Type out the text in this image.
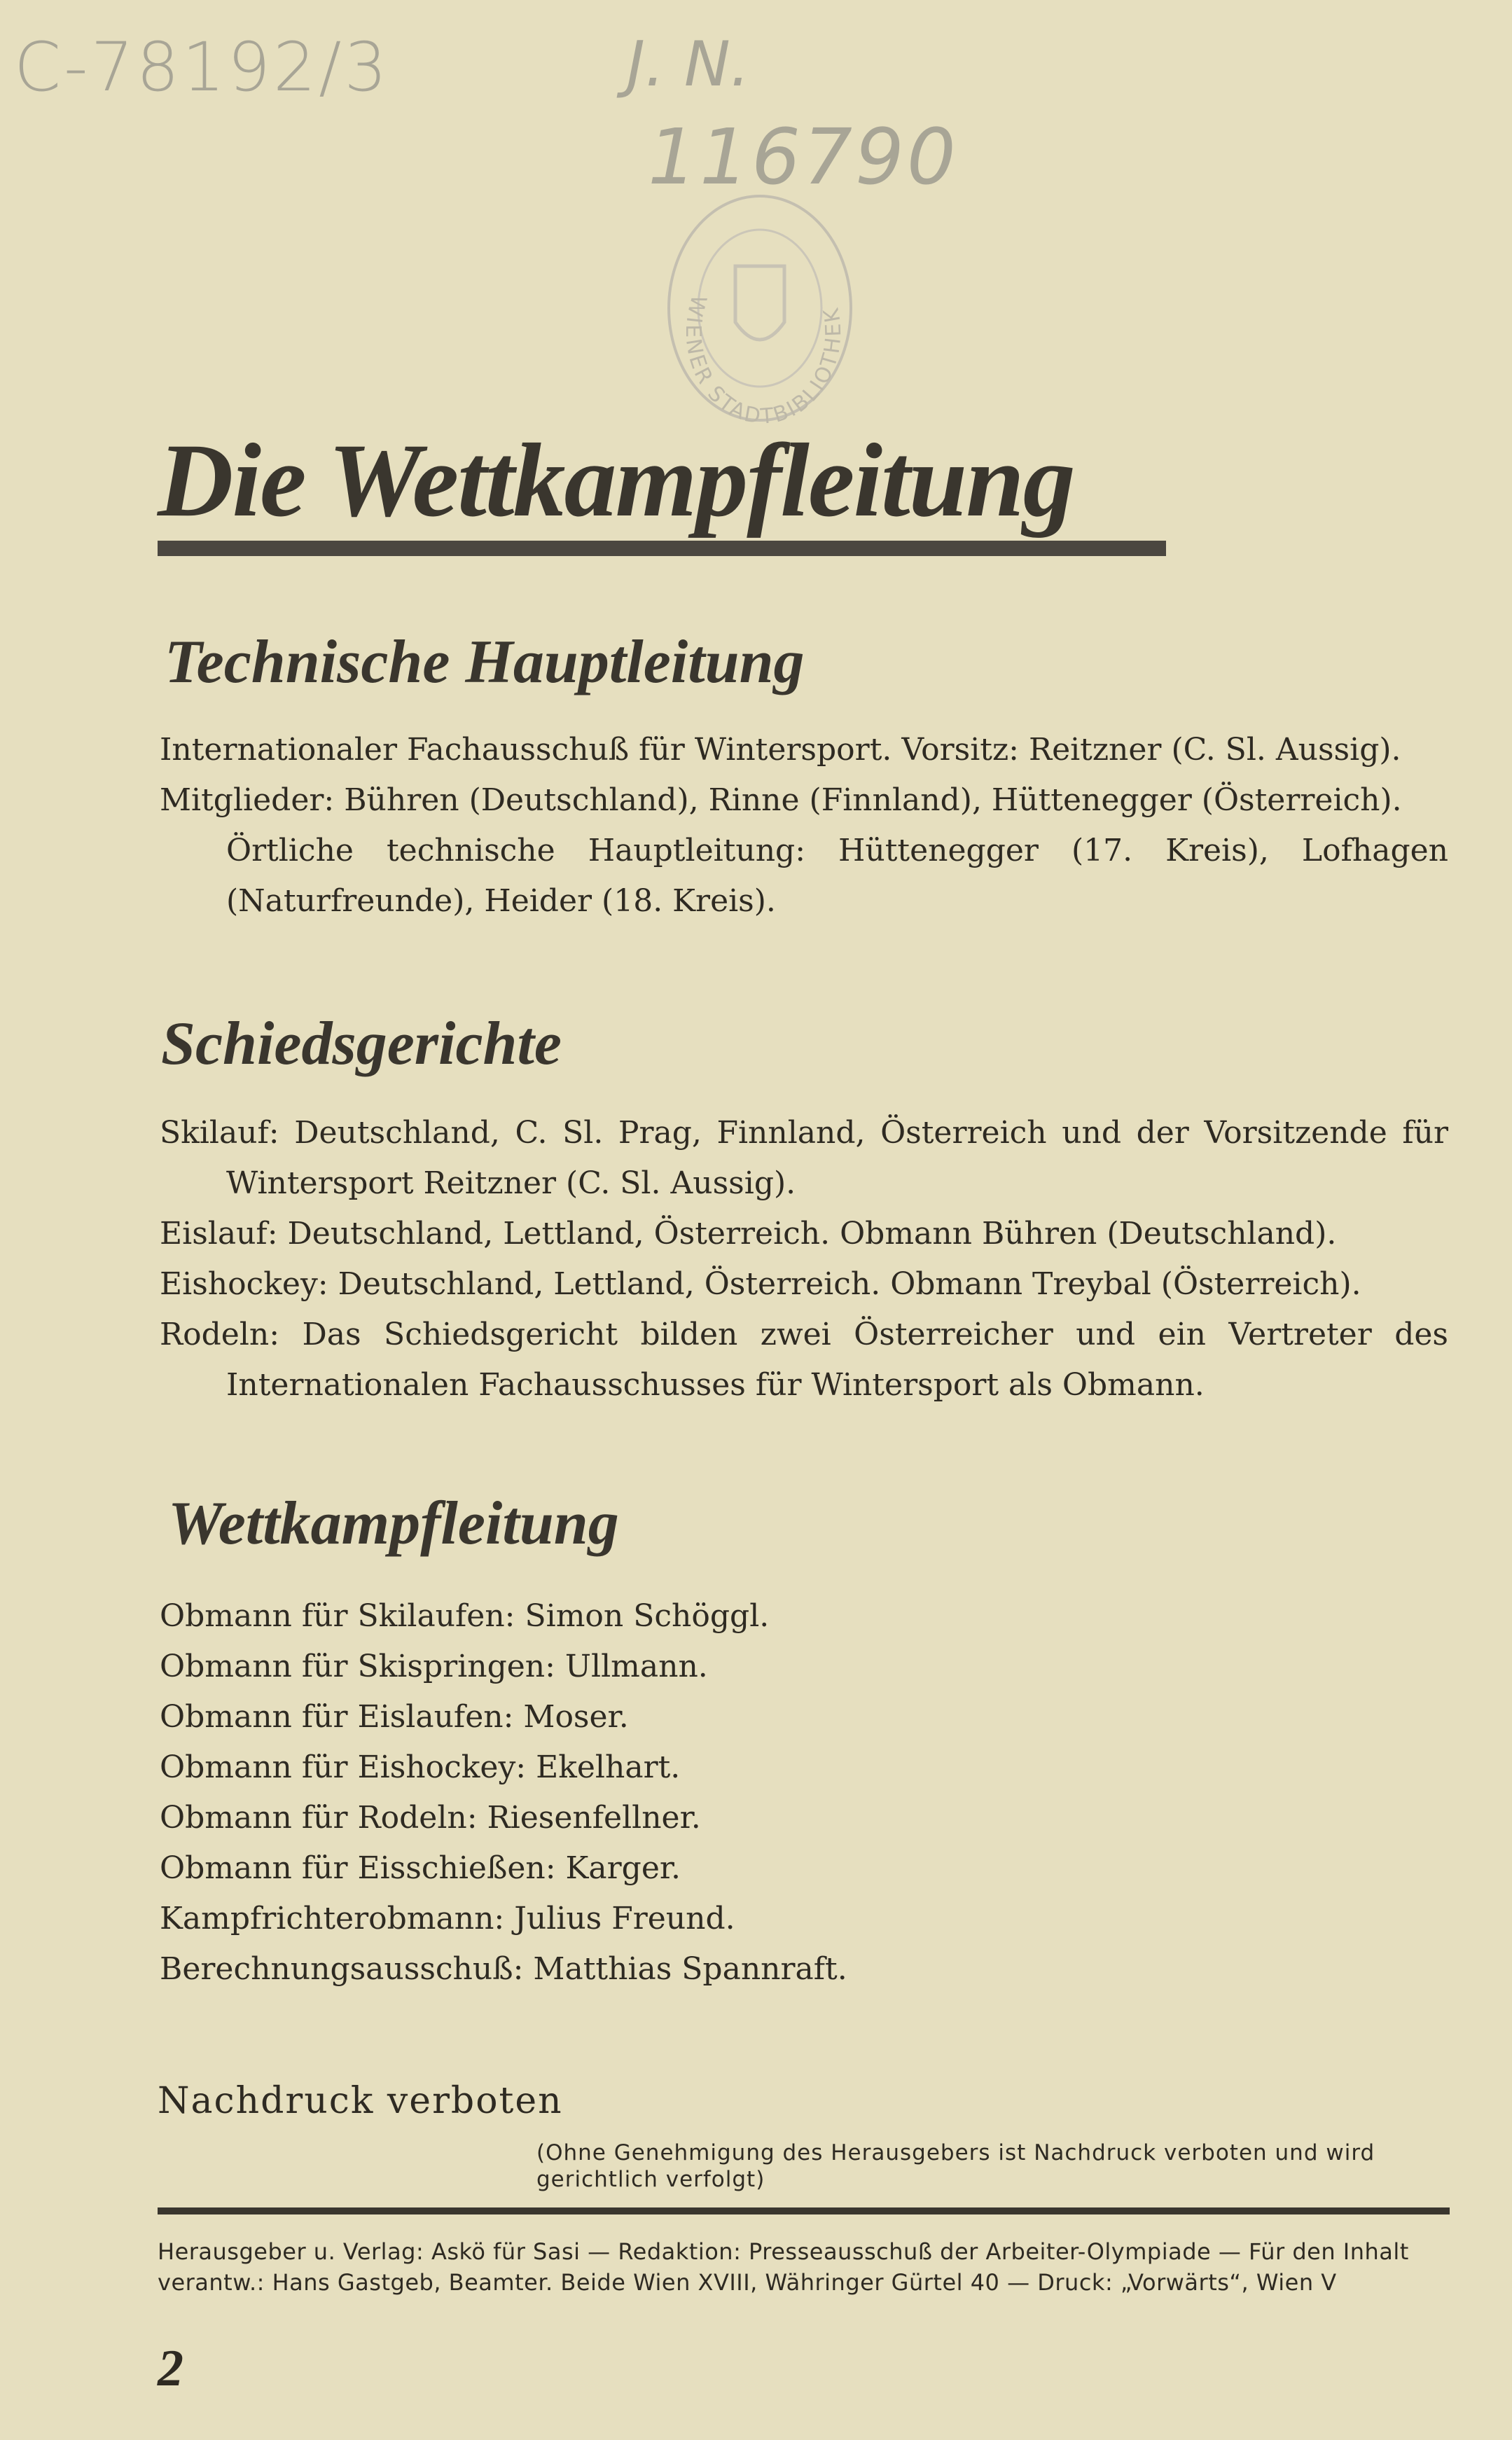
C-78192/3	J. N.
116790
WIENER STADTBIBLIOTHEK
Die Wettkampfleitung
Technische Hauptleitung

Internationaler Fachausschuß für Wintersport. Vorsitz: Reitzner (C. Sl. Aussig).

Mitglieder: Bühren (Deutschland), Rinne (Finnland), Hüttenegger (Österreich).

Örtliche technische Hauptleitung: Hüttenegger (17. Kreis), Lofhagen (Naturfreunde), Heider (18. Kreis).

Schiedsgerichte

Skilauf: Deutschland, C. Sl. Prag, Finnland, Österreich und der Vorsitzende für Wintersport Reitzner (C. Sl. Aussig).

Eislauf: Deutschland, Lettland, Österreich. Obmann Bühren (Deutschland).

Eishockey: Deutschland, Lettland, Österreich. Obmann Treybal (Österreich).

Rodeln: Das Schiedsgericht bilden zwei Österreicher und ein Vertreter des Internationalen Fachausschusses für Wintersport als Obmann.

Wettkampfleitung

Obmann für Skilaufen: Simon Schöggl.

Obmann für Skispringen: Ullmann.

Obmann für Eislaufen: Moser.

Obmann für Eishockey: Ekelhart.

Obmann für Rodeln: Riesenfellner.

Obmann für Eisschießen: Karger.

Kampfrichterobmann: Julius Freund.

Berechnungsausschuß: Matthias Spannraft.

Nachdruck verboten
(Ohne Genehmigung des Herausgebers ist Nachdruck verboten und wird gerichtlich verfolgt)
Herausgeber u. Verlag: Askö für Sasi — Redaktion: Presseausschuß der Arbeiter-Olympiade — Für den Inhalt
verantw.: Hans Gastgeb, Beamter. Beide Wien XVIII, Währinger Gürtel 40 — Druck: „Vorwärts“, Wien V
2
